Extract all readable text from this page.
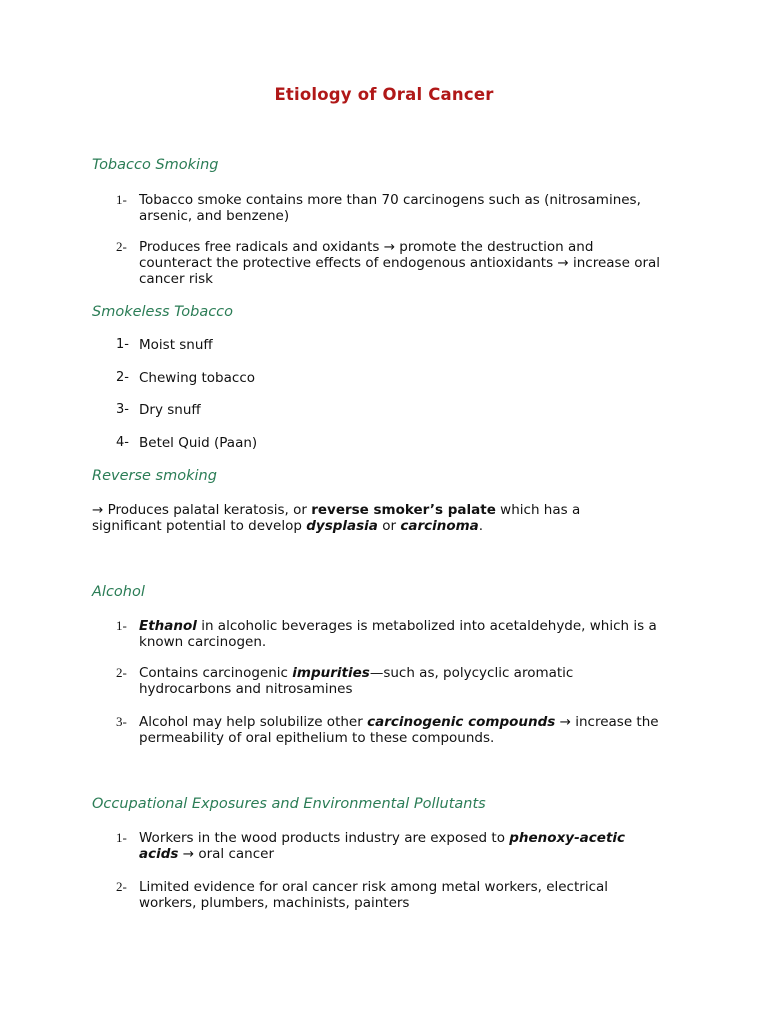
Etiology of Oral Cancer
Tobacco Smoking
1- Tobacco smoke contains more than 70 carcinogens such as (nitrosamines, arsenic, and benzene)
2- Produces free radicals and oxidants → promote the destruction and counteract the protective effects of endogenous antioxidants → increase oral cancer risk
Smokeless Tobacco
1- Moist snuff
2- Chewing tobacco
3- Dry snuff
4- Betel Quid (Paan)
Reverse smoking
→ Produces palatal keratosis, or reverse smoker’s palate which has a significant potential to develop dysplasia or carcinoma.
Alcohol
1- Ethanol in alcoholic beverages is metabolized into acetaldehyde, which is a known carcinogen.
2- Contains carcinogenic impurities—such as, polycyclic aromatic hydrocarbons and nitrosamines
3- Alcohol may help solubilize other carcinogenic compounds → increase the permeability of oral epithelium to these compounds.
Occupational Exposures and Environmental Pollutants
1- Workers in the wood products industry are exposed to phenoxy-acetic acids → oral cancer
2- Limited evidence for oral cancer risk among metal workers, electrical workers, plumbers, machinists, painters
